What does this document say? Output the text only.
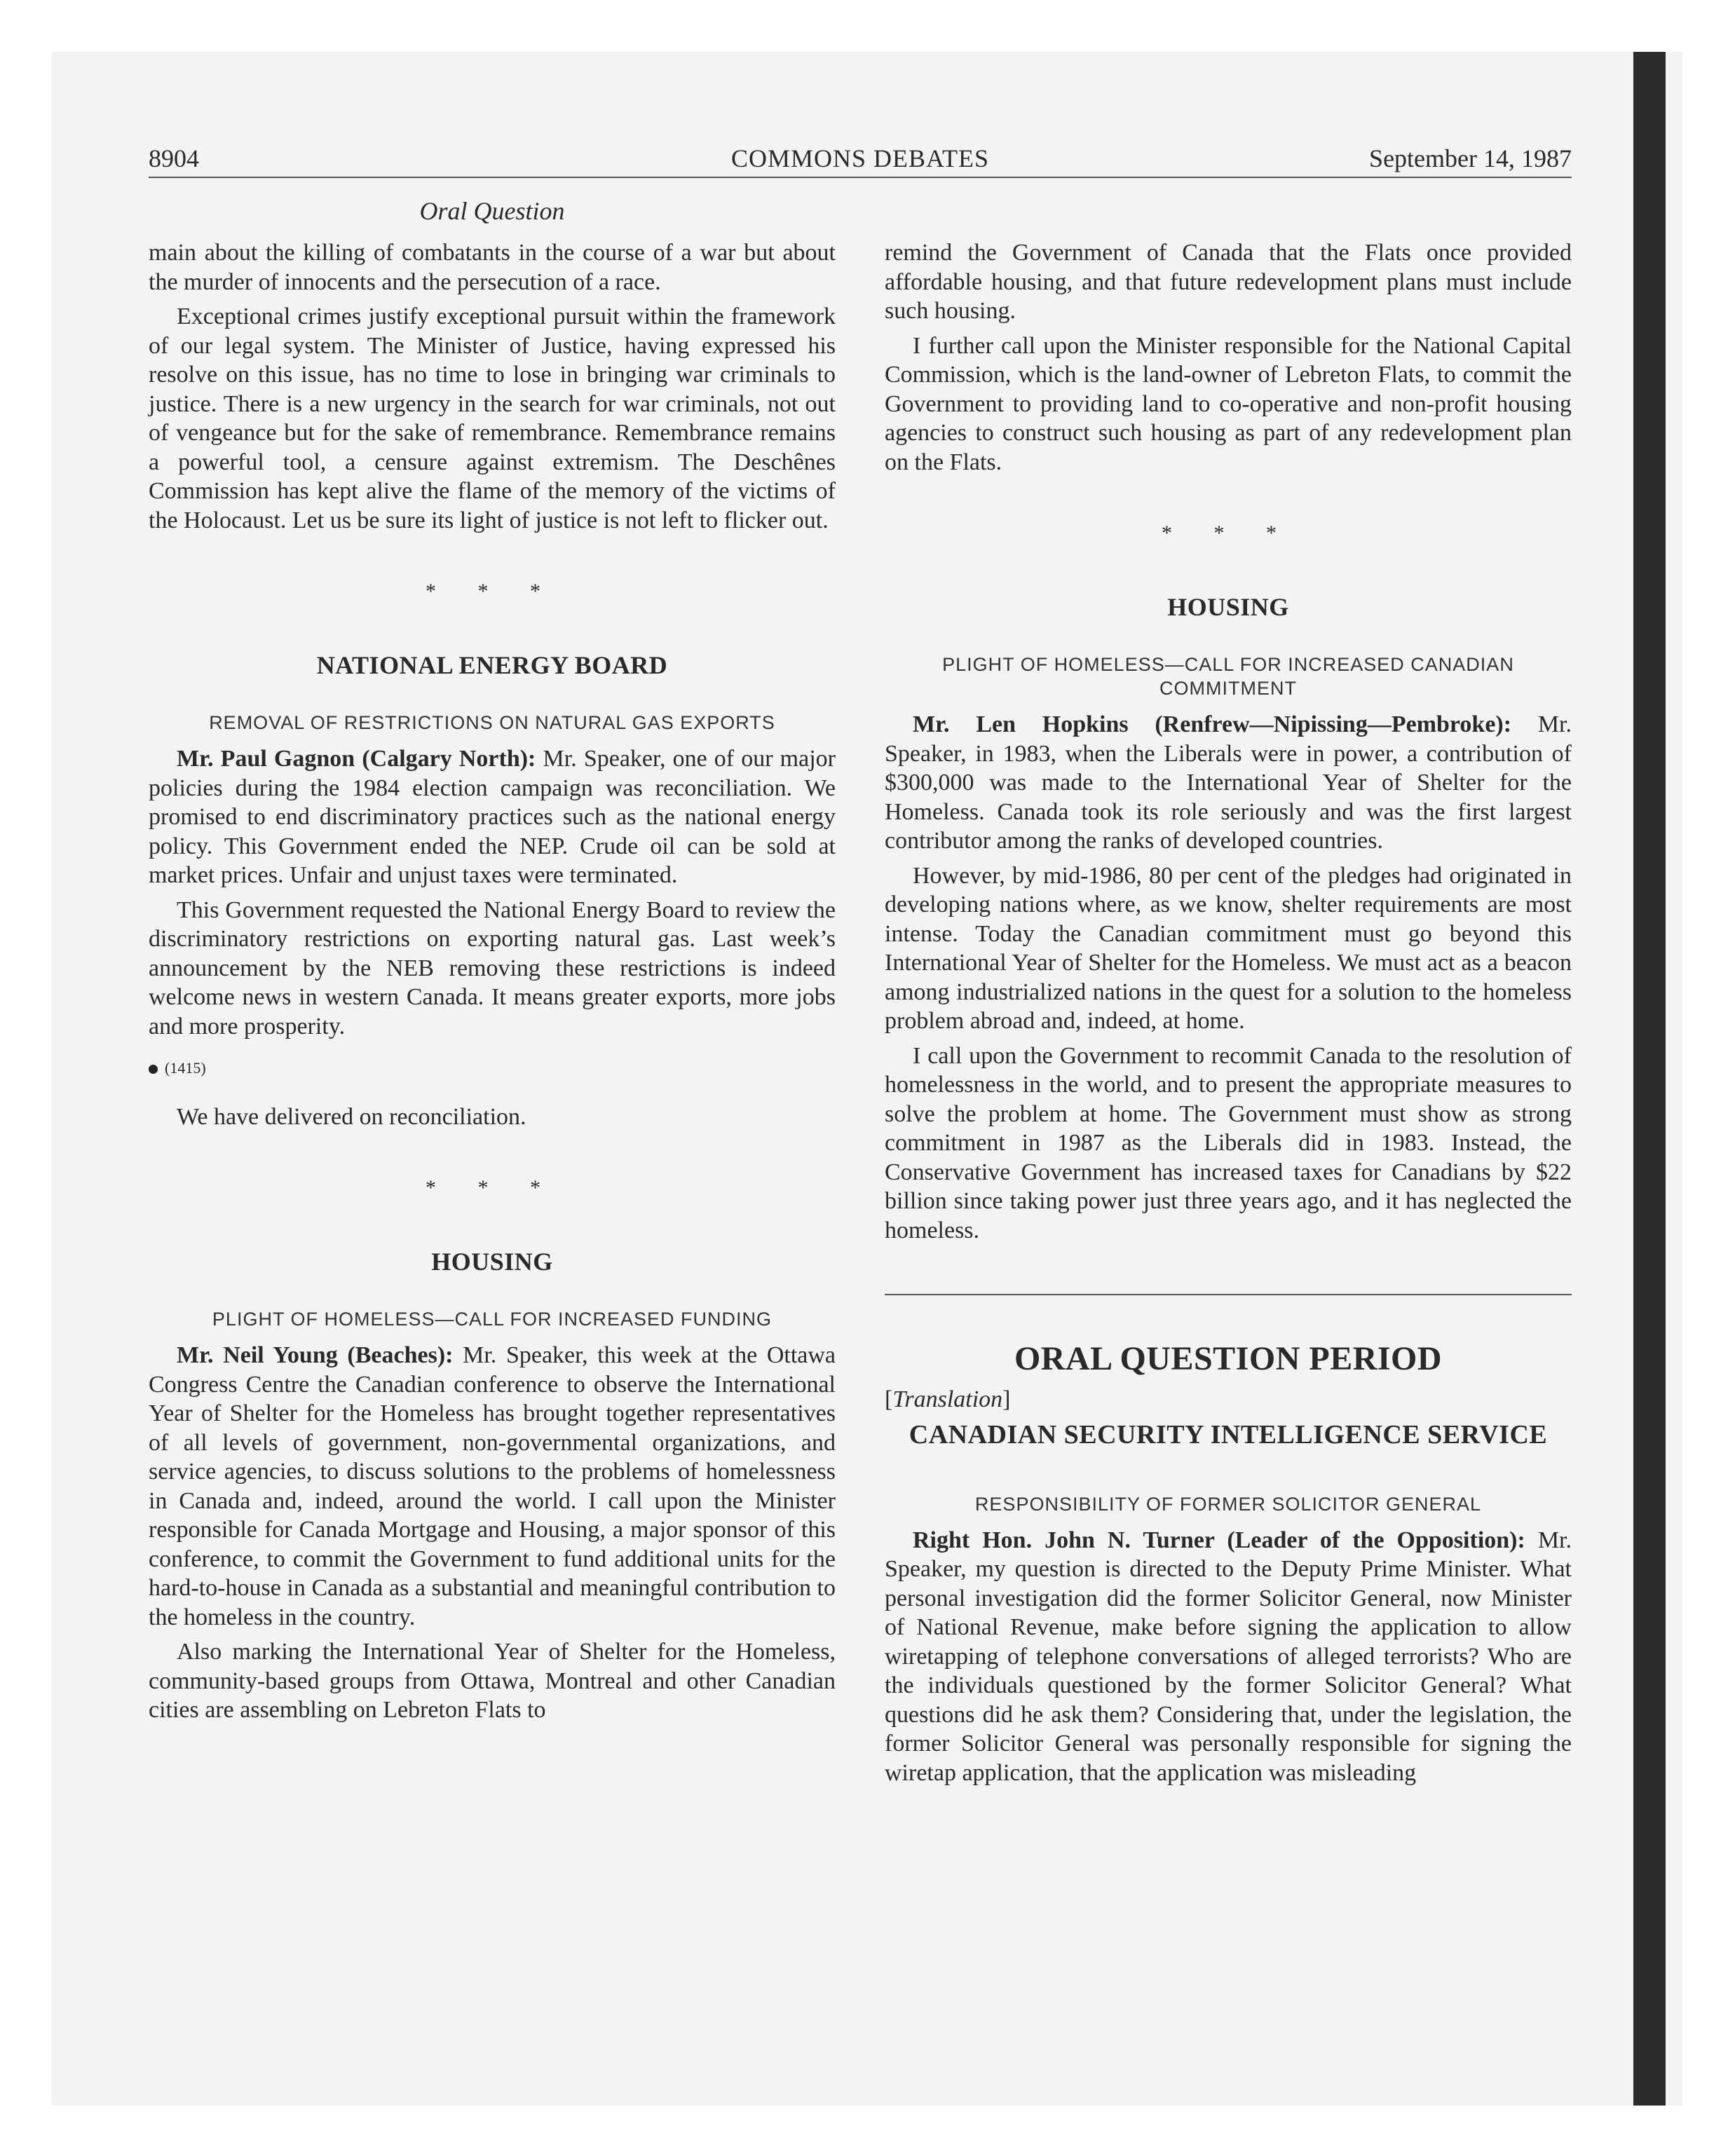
8904	COMMONS DEBATES	September 14, 1987
Oral Question

main about the killing of combatants in the course of a war but about the murder of innocents and the persecution of a race.

Exceptional crimes justify exceptional pursuit within the framework of our legal system. The Minister of Justice, having expressed his resolve on this issue, has no time to lose in bringing war criminals to justice. There is a new urgency in the search for war criminals, not out of vengeance but for the sake of remembrance. Remembrance remains a powerful tool, a censure against extremism. The Deschênes Commission has kept alive the flame of the memory of the victims of the Holocaust. Let us be sure its light of justice is not left to flicker out.

* * *
NATIONAL ENERGY BOARD
REMOVAL OF RESTRICTIONS ON NATURAL GAS EXPORTS

Mr. Paul Gagnon (Calgary North): Mr. Speaker, one of our major policies during the 1984 election campaign was reconciliation. We promised to end discriminatory practices such as the national energy policy. This Government ended the NEP. Crude oil can be sold at market prices. Unfair and unjust taxes were terminated.

This Government requested the National Energy Board to review the discriminatory restrictions on exporting natural gas. Last week’s announcement by the NEB removing these restrictions is indeed welcome news in western Canada. It means greater exports, more jobs and more prosperity.

(1415)

We have delivered on reconciliation.

* * *
HOUSING
PLIGHT OF HOMELESS—CALL FOR INCREASED FUNDING

Mr. Neil Young (Beaches): Mr. Speaker, this week at the Ottawa Congress Centre the Canadian conference to observe the International Year of Shelter for the Homeless has brought together representatives of all levels of government, non-governmental organizations, and service agencies, to discuss solutions to the problems of homelessness in Canada and, indeed, around the world. I call upon the Minister responsible for Canada Mortgage and Housing, a major sponsor of this conference, to commit the Government to fund additional units for the hard-to-house in Canada as a substantial and meaningful contribution to the homeless in the country.

Also marking the International Year of Shelter for the Homeless, community-based groups from Ottawa, Montreal and other Canadian cities are assembling on Lebreton Flats to

remind the Government of Canada that the Flats once provided affordable housing, and that future redevelopment plans must include such housing.

I further call upon the Minister responsible for the National Capital Commission, which is the land-owner of Lebreton Flats, to commit the Government to providing land to co-operative and non-profit housing agencies to construct such housing as part of any redevelopment plan on the Flats.

* * *
HOUSING
PLIGHT OF HOMELESS—CALL FOR INCREASED CANADIAN COMMITMENT

Mr. Len Hopkins (Renfrew—Nipissing—Pembroke): Mr. Speaker, in 1983, when the Liberals were in power, a contribution of $300,000 was made to the International Year of Shelter for the Homeless. Canada took its role seriously and was the first largest contributor among the ranks of developed countries.

However, by mid-1986, 80 per cent of the pledges had originated in developing nations where, as we know, shelter requirements are most intense. Today the Canadian commitment must go beyond this International Year of Shelter for the Homeless. We must act as a beacon among industrialized nations in the quest for a solution to the homeless problem abroad and, indeed, at home.

I call upon the Government to recommit Canada to the resolution of homelessness in the world, and to present the appropriate measures to solve the problem at home. The Government must show as strong commitment in 1987 as the Liberals did in 1983. Instead, the Conservative Government has increased taxes for Canadians by $22 billion since taking power just three years ago, and it has neglected the homeless.

ORAL QUESTION PERIOD
[Translation]
CANADIAN SECURITY INTELLIGENCE SERVICE
RESPONSIBILITY OF FORMER SOLICITOR GENERAL

Right Hon. John N. Turner (Leader of the Opposition): Mr. Speaker, my question is directed to the Deputy Prime Minister. What personal investigation did the former Solicitor General, now Minister of National Revenue, make before signing the application to allow wiretapping of telephone conversations of alleged terrorists? Who are the individuals questioned by the former Solicitor General? What questions did he ask them? Considering that, under the legislation, the former Solicitor General was personally responsible for signing the wiretap application, that the application was misleading
